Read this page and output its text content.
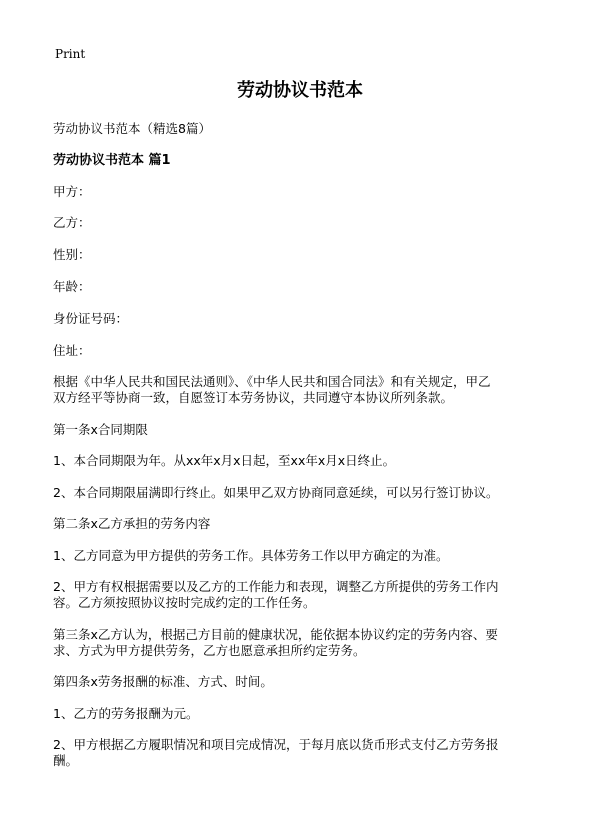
Print
劳动协议书范本
劳动协议书范本（精选8篇）
劳动协议书范本 篇1
甲方：
乙方：
性别：
年龄：
身份证号码：
住址：
根据《中华人民共和国民法通则》、《中华人民共和国合同法》和有关规定，甲乙
双方经平等协商一致，自愿签订本劳务协议，共同遵守本协议所列条款。
第一条x合同期限
1、本合同期限为年。从xx年x月x日起，至xx年x月x日终止。
2、本合同期限届满即行终止。如果甲乙双方协商同意延续，可以另行签订协议。
第二条x乙方承担的劳务内容
1、乙方同意为甲方提供的劳务工作。具体劳务工作以甲方确定的为准。
2、甲方有权根据需要以及乙方的工作能力和表现，调整乙方所提供的劳务工作内
容。乙方须按照协议按时完成约定的工作任务。
第三条x乙方认为，根据己方目前的健康状况，能依据本协议约定的劳务内容、要
求、方式为甲方提供劳务，乙方也愿意承担所约定劳务。
第四条x劳务报酬的标准、方式、时间。
1、乙方的劳务报酬为元。
2、甲方根据乙方履职情况和项目完成情况，于每月底以货币形式支付乙方劳务报
酬。
